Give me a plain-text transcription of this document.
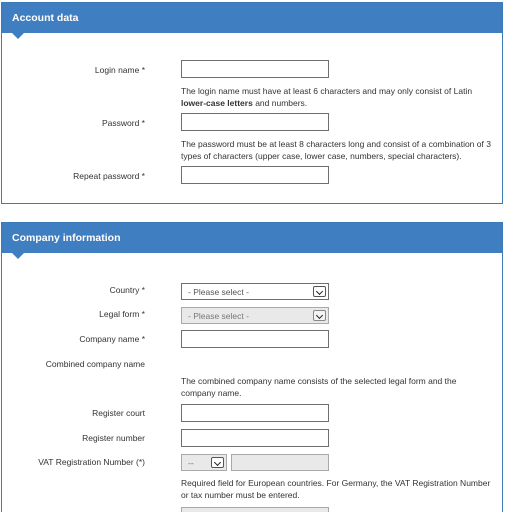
Account data
Login name *
The login name must have at least 6 characters and may only consist of Latin
lower-case letters and numbers.
Password *
The password must be at least 8 characters long and consist of a combination of 3 types of characters (upper case, lower case, numbers, special characters).
Repeat password *
Company information
Country *	- Please select -
Legal form *	- Please select -
Company name *
Combined company name
The combined company name consists of the selected legal form and the company name.
Register court
Register number
VAT Registration Number (*)	--
Required field for European countries. For Germany, the VAT Registration Number or tax number must be entered.
